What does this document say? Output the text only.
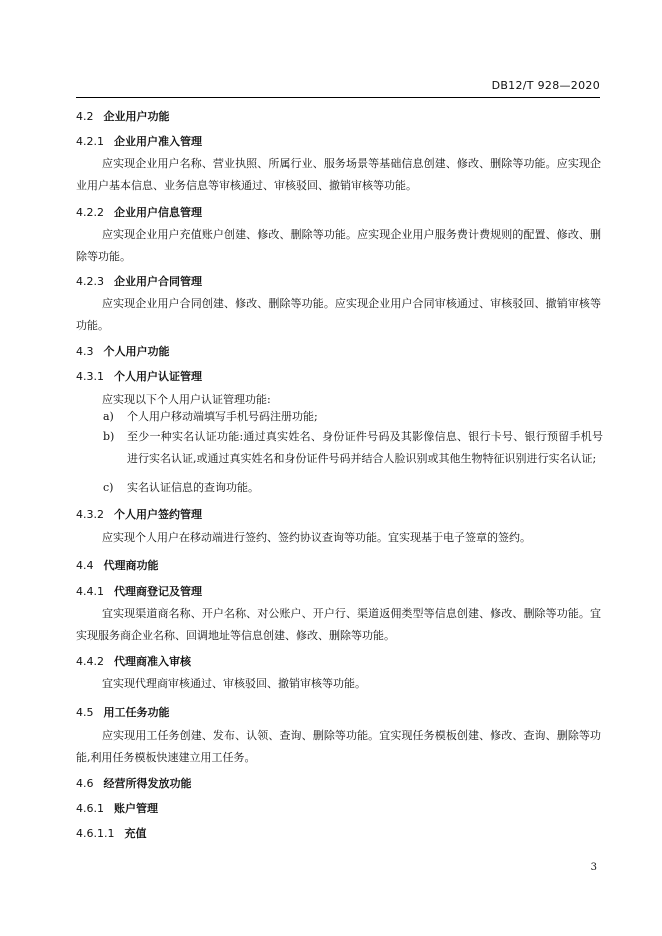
DB12/T 928—2020
4.2 企业用户功能
4.2.1 企业用户准入管理
应实现企业用户名称、营业执照、所属行业、服务场景等基础信息创建、修改、删除等功能。应实现企业用户基本信息、业务信息等审核通过、审核驳回、撤销审核等功能。
4.2.2 企业用户信息管理
应实现企业用户充值账户创建、修改、删除等功能。应实现企业用户服务费计费规则的配置、修改、删除等功能。
4.2.3 企业用户合同管理
应实现企业用户合同创建、修改、删除等功能。应实现企业用户合同审核通过、审核驳回、撤销审核等功能。
4.3 个人用户功能
4.3.1 个人用户认证管理
应实现以下个人用户认证管理功能:
a) 个人用户移动端填写手机号码注册功能;
b) 至少一种实名认证功能:通过真实姓名、身份证件号码及其影像信息、银行卡号、银行预留手机号进行实名认证,或通过真实姓名和身份证件号码并结合人脸识别或其他生物特征识别进行实名认证;
c) 实名认证信息的查询功能。
4.3.2 个人用户签约管理
应实现个人用户在移动端进行签约、签约协议查询等功能。宜实现基于电子签章的签约。
4.4 代理商功能
4.4.1 代理商登记及管理
宜实现渠道商名称、开户名称、对公账户、开户行、渠道返佣类型等信息创建、修改、删除等功能。宜实现服务商企业名称、回调地址等信息创建、修改、删除等功能。
4.4.2 代理商准入审核
宜实现代理商审核通过、审核驳回、撤销审核等功能。
4.5 用工任务功能
应实现用工任务创建、发布、认领、查询、删除等功能。宜实现任务模板创建、修改、查询、删除等功能,利用任务模板快速建立用工任务。
4.6 经营所得发放功能
4.6.1 账户管理
4.6.1.1 充值
3
